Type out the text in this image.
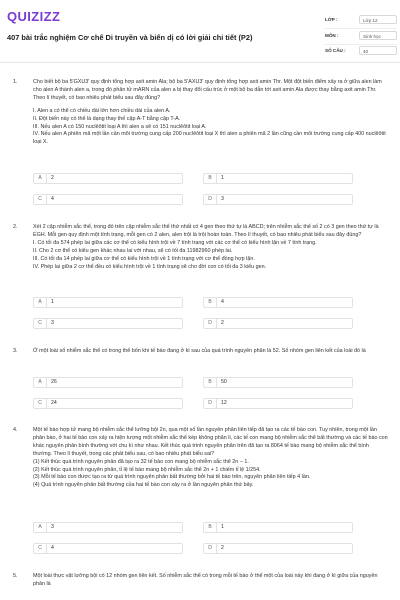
QUIZIZZ
407 bài trắc nghiệm Cơ chế Di truyền và biến dị có lời giải chi tiết (P2)
LỚP :	Lớp 12
MÔN :	Sinh học
SỐ CÂU :	40
1.	Cho biết bộ ba 5'GXU3' quy định tổng hợp axit amin Ala; bộ ba 5'AXU3' quy định tổng hợp axit amin Thr. Một đột biến điểm xảy ra ở giữa alen làm cho alen A thành alen a, trong đó phân tử mARN của alen a bị thay đổi cấu trúc ở một bộ ba dẫn tới axit amin Ala được thay bằng axit amin Thr. Theo lí thuyết, có bao nhiêu phát biểu sau đây đúng?

I. Alen a có thể có chiều dài lớn hơn chiều dài của alen A.

II. Đột biến này có thể là dạng thay thế cặp A-T bằng cặp T-A.

III. Nếu alen A có 150 nuclêôtit loại A thì alen a sẽ có 151 nuclêôtit loại A.

IV. Nếu alen A phiên mã một lần cần môi trường cung cấp 200 nuclêôtit loại X thì alen a phiên mã 2 lần cũng cần môi trường cung cấp 400 nuclêôtit loại X.

A	2	B	1
C	4	D	3
2.	Xét 2 cặp nhiễm sắc thể, trong đó trên cặp nhiễm sắc thể thứ nhất có 4 gen theo thứ tự là ABCD; trên nhiễm sắc thể số 2 có 3 gen theo thứ tự là EGH. Mỗi gen quy định một tính trạng, mỗi gen có 2 alen, alen trội là trội hoàn toàn. Theo lí thuyết, có bao nhiêu phát biểu sau đây đúng?

I. Có tối đa 574 phép lai giữa các cơ thể có kiểu hình trội về 7 tính trạng với các cơ thể có kiểu hình lặn về 7 tính trạng.

II. Cho 2 cơ thể có kiểu gen khác nhau lai với nhau, sẽ có tối đa 11982960 phép lai.

III. Có tối đa 14 phép lai giữa cơ thể có kiểu hình trội về 1 tính trạng với cơ thể đồng hợp lặn.

IV. Phép lai giữa 2 cơ thể đều có kiểu hình trội về 1 tính trạng sẽ cho đời con có tối đa 3 kiểu gen.

A	1	B	4
C	3	D	2
3.	Ở một loài số nhiễm sắc thể có trong thể bốn khi tế bào đang ở kì sau của quá trình nguyên phân là 52. Số nhóm gen liên kết của loài đó là

A	26	B	50
C	24	D	12
4.	Một tế bào hợp tử mang bộ nhiễm sắc thể lưỡng bội 2n, qua một số lần nguyên phân liên tiếp đã tạo ra các tế bào con. Tuy nhiên, trong một lần phân bào, ở hai tế bào con xảy ra hiện tượng một nhiễm sắc thể kép không phân li, các tế con mang bộ nhiễm sắc thể bất thường và các tế bào con khác nguyên phân bình thường với chu kì như nhau. Kết thúc quá trình nguyên phân trên đã tạo ra 8064 tế bào mang bộ nhiễm sắc thể bình thường. Theo lí thuyết, trong các phát biểu sau, có bao nhiêu phát biểu sai?

(1) Kết thúc quá trình nguyên phân đã tạo ra 32 tế bào con mang bộ nhiễm sắc thể 2n − 1.

(2) Kết thúc quá trình nguyên phân, tỉ lệ tế bào mang bộ nhiễm sắc thể 2n + 1 chiếm tỉ lệ 1/254.

(3) Mỗi tế bào con được tạo ra từ quá trình nguyên phân bất thường bởi hai tế bào trên, nguyên phân liên tiếp 4 lần.

(4) Quá trình nguyên phân bất thường của hai tế bào con xảy ra ở lần nguyên phân thứ bảy.

A	3	B	1
C	4	D	2
5.	Một loài thực vật lưỡng bội có 12 nhóm gen liên kết. Số nhiễm sắc thể có trong mỗi tế bào ở thể một của loài này khi đang ở kì giữa của nguyên phân là
